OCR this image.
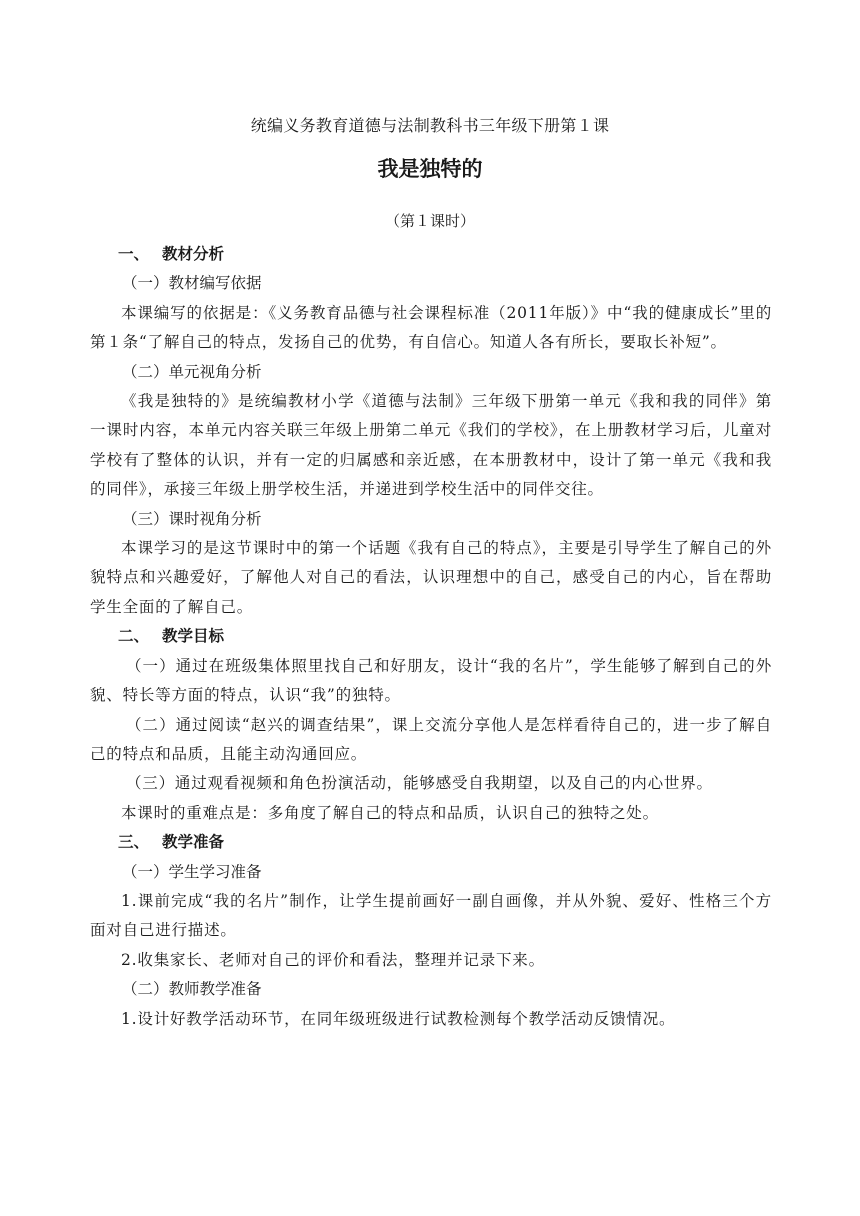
统编义务教育道德与法制教科书三年级下册第１课
我是独特的
（第１课时）

一、 教材分析

（一）教材编写依据

本课编写的依据是：《义务教育品德与社会课程标准（2011年版）》中“我的健康成长”里的第１条“了解自己的特点，发扬自己的优势，有自信心。知道人各有所长，要取长补短”。

（二）单元视角分析

《我是独特的》是统编教材小学《道德与法制》三年级下册第一单元《我和我的同伴》第一课时内容，本单元内容关联三年级上册第二单元《我们的学校》，在上册教材学习后，儿童对学校有了整体的认识，并有一定的归属感和亲近感，在本册教材中，设计了第一单元《我和我的同伴》，承接三年级上册学校生活，并递进到学校生活中的同伴交往。

（三）课时视角分析

本课学习的是这节课时中的第一个话题《我有自己的特点》，主要是引导学生了解自己的外貌特点和兴趣爱好，了解他人对自己的看法，认识理想中的自己，感受自己的内心，旨在帮助学生全面的了解自己。

二、 教学目标

（一）通过在班级集体照里找自己和好朋友，设计“我的名片”，学生能够了解到自己的外貌、特长等方面的特点，认识“我”的独特。

（二）通过阅读“赵兴的调查结果”，课上交流分享他人是怎样看待自己的，进一步了解自己的特点和品质，且能主动沟通回应。

（三）通过观看视频和角色扮演活动，能够感受自我期望，以及自己的内心世界。

本课时的重难点是：多角度了解自己的特点和品质，认识自己的独特之处。

三、 教学准备

（一）学生学习准备

1.课前完成“我的名片”制作，让学生提前画好一副自画像，并从外貌、爱好、性格三个方面对自己进行描述。

2.收集家长、老师对自己的评价和看法，整理并记录下来。

（二）教师教学准备

1.设计好教学活动环节，在同年级班级进行试教检测每个教学活动反馈情况。
